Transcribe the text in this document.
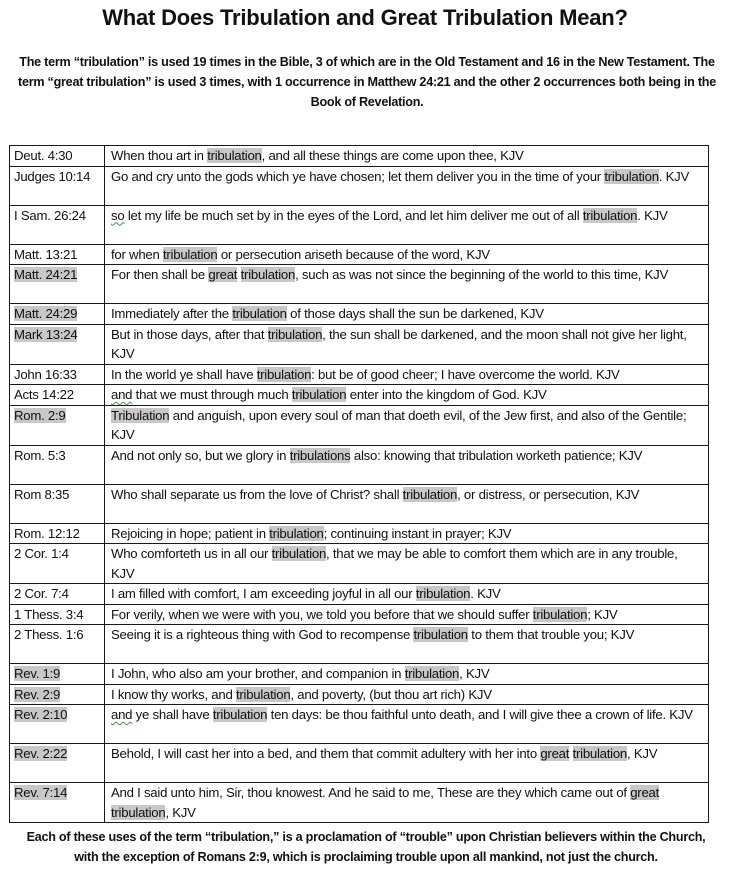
What Does Tribulation and Great Tribulation Mean?
The term “tribulation” is used 19 times in the Bible, 3 of which are in the Old Testament and 16 in the New Testament. The term “great tribulation” is used 3 times, with 1 occurrence in Matthew 24:21 and the other 2 occurrences both being in the Book of Revelation.
Deut. 4:30	When thou art in tribulation, and all these things are come upon thee, KJV
Judges 10:14	Go and cry unto the gods which ye have chosen; let them deliver you in the time of your tribulation. KJV
I Sam. 26:24	so let my life be much set by in the eyes of the Lord, and let him deliver me out of all tribulation. KJV
Matt. 13:21	for when tribulation or persecution ariseth because of the word, KJV
Matt. 24:21	For then shall be great tribulation, such as was not since the beginning of the world to this time, KJV
Matt. 24:29	Immediately after the tribulation of those days shall the sun be darkened, KJV
Mark 13:24	But in those days, after that tribulation, the sun shall be darkened, and the moon shall not give her light, KJV
John 16:33	In the world ye shall have tribulation: but be of good cheer; I have overcome the world. KJV
Acts 14:22	and that we must through much tribulation enter into the kingdom of God. KJV
Rom. 2:9	Tribulation and anguish, upon every soul of man that doeth evil, of the Jew first, and also of the Gentile; KJV
Rom. 5:3	And not only so, but we glory in tribulations also: knowing that tribulation worketh patience; KJV
Rom 8:35	Who shall separate us from the love of Christ? shall tribulation, or distress, or persecution, KJV
Rom. 12:12	Rejoicing in hope; patient in tribulation; continuing instant in prayer; KJV
2 Cor. 1:4	Who comforteth us in all our tribulation, that we may be able to comfort them which are in any trouble, KJV
2 Cor. 7:4	I am filled with comfort, I am exceeding joyful in all our tribulation. KJV
1 Thess. 3:4	For verily, when we were with you, we told you before that we should suffer tribulation; KJV
2 Thess. 1:6	Seeing it is a righteous thing with God to recompense tribulation to them that trouble you; KJV
Rev. 1:9	I John, who also am your brother, and companion in tribulation, KJV
Rev. 2:9	I know thy works, and tribulation, and poverty, (but thou art rich) KJV
Rev. 2:10	and ye shall have tribulation ten days: be thou faithful unto death, and I will give thee a crown of life. KJV
Rev. 2:22	Behold, I will cast her into a bed, and them that commit adultery with her into great tribulation, KJV
Rev. 7:14	And I said unto him, Sir, thou knowest. And he said to me, These are they which came out of great tribulation, KJV
Each of these uses of the term “tribulation,” is a proclamation of “trouble” upon Christian believers within the Church, with the exception of Romans 2:9, which is proclaiming trouble upon all mankind, not just the church.
